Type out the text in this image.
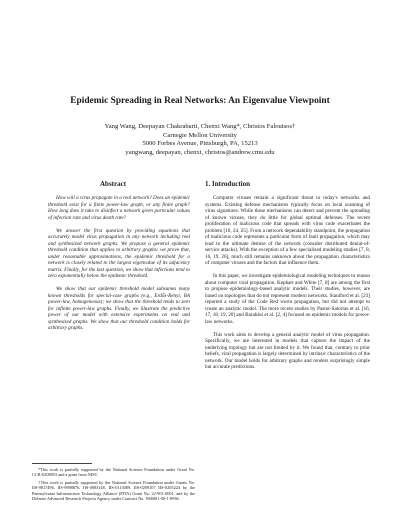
Epidemic Spreading in Real Networks: An Eigenvalue Viewpoint
Yang Wang, Deepayan Chakrabarti, Chenxi Wang*, Christos Faloutsos†
Carnegie Mellon University
5000 Forbes Avenue, Pittsburgh, PA, 15213
yangwang, deepayan, chenxi, christos@andrew.cmu.edu
Abstract

How will a virus propagate in a real network? Does an epidemic threshold exist for a finite power-law graph, or any finite graph? How long does it take to disinfect a network given particular values of infection rate and virus death rate?

We answer the first question by providing equations that accurately model virus propagation in any network including real and synthesized network graphs. We propose a general epidemic threshold condition that applies to arbitrary graphs: we prove that, under reasonable approximations, the epidemic threshold for a network is closely related to the largest eigenvalue of its adjacency matrix. Finally, for the last question, we show that infections tend to zero exponentially below the epidemic threshold.

We show that our epidemic threshold model subsumes many known thresholds for special-case graphs (e.g., Erdős-Rényi, BA power-law, homogeneous); we show that the threshold tends to zero for infinite power-law graphs. Finally, we illustrate the predictive power of our model with extensive experiments on real and synthesized graphs. We show that our threshold condition holds for arbitrary graphs.

*This work is partially supported by the National Science Foundation under Grant No. CCR-0208853 and a grant from NIST.

†This work is partially supported by the National Science Foundation under Grants No. IIS-9817496, IIS-9988876, IIS-0083148, IIS-0113089, IIS-0209107 IIS-0205224 by the Pennsylvania Infrastructure Technology Alliance (PITA) Grant No. 22-901-0001, and by the Defense Advanced Research Projects Agency under Contract No. N66001-00-1-8936.

1. Introduction

Computer viruses remain a significant threat to today's networks and systems. Existing defense mechanisms typically focus on local scanning of virus signatures. While these mechanisms can detect and prevent the spreading of known viruses, they do little for global optimal defenses. The recent proliferation of malicious code that spreads with virus code exacerbates the problem [10, 24, 25]. From a network dependability standpoint, the propagation of malicious code represents a particular form of fault propagation, which may lead to the ultimate demise of the network (consider distributed denial-of-service attacks). With the exception of a few specialized modeling studies [7, 8, 16, 19, 26], much still remains unknown about the propagation characteristics of computer viruses and the factors that influence them.

In this paper, we investigate epidemiological modeling techniques to reason about computer viral propagation. Kephart and White [7, 8] are among the first to propose epidemiology-based analytic models. Their studies, however, are based on topologies that do not represent modern networks. Staniford et al. [23] reported a study of the Code Red worm propagation, but did not attempt to create an analytic model. The more recent studies by Pastor-Satorras et al. [16, 17, 18, 19, 20] and Barabási et al. [2, 4] focused on epidemic models for power-law networks.

This work aims to develop a general analytic model of virus propagation. Specifically, we are interested in models that capture the impact of the underlying topology but are not limited by it. We found that, contrary to prior beliefs, viral propagation is largely determined by intrinsic characteristics of the network. Our model holds for arbitrary graphs and renders surprisingly simple but accurate predictions.
